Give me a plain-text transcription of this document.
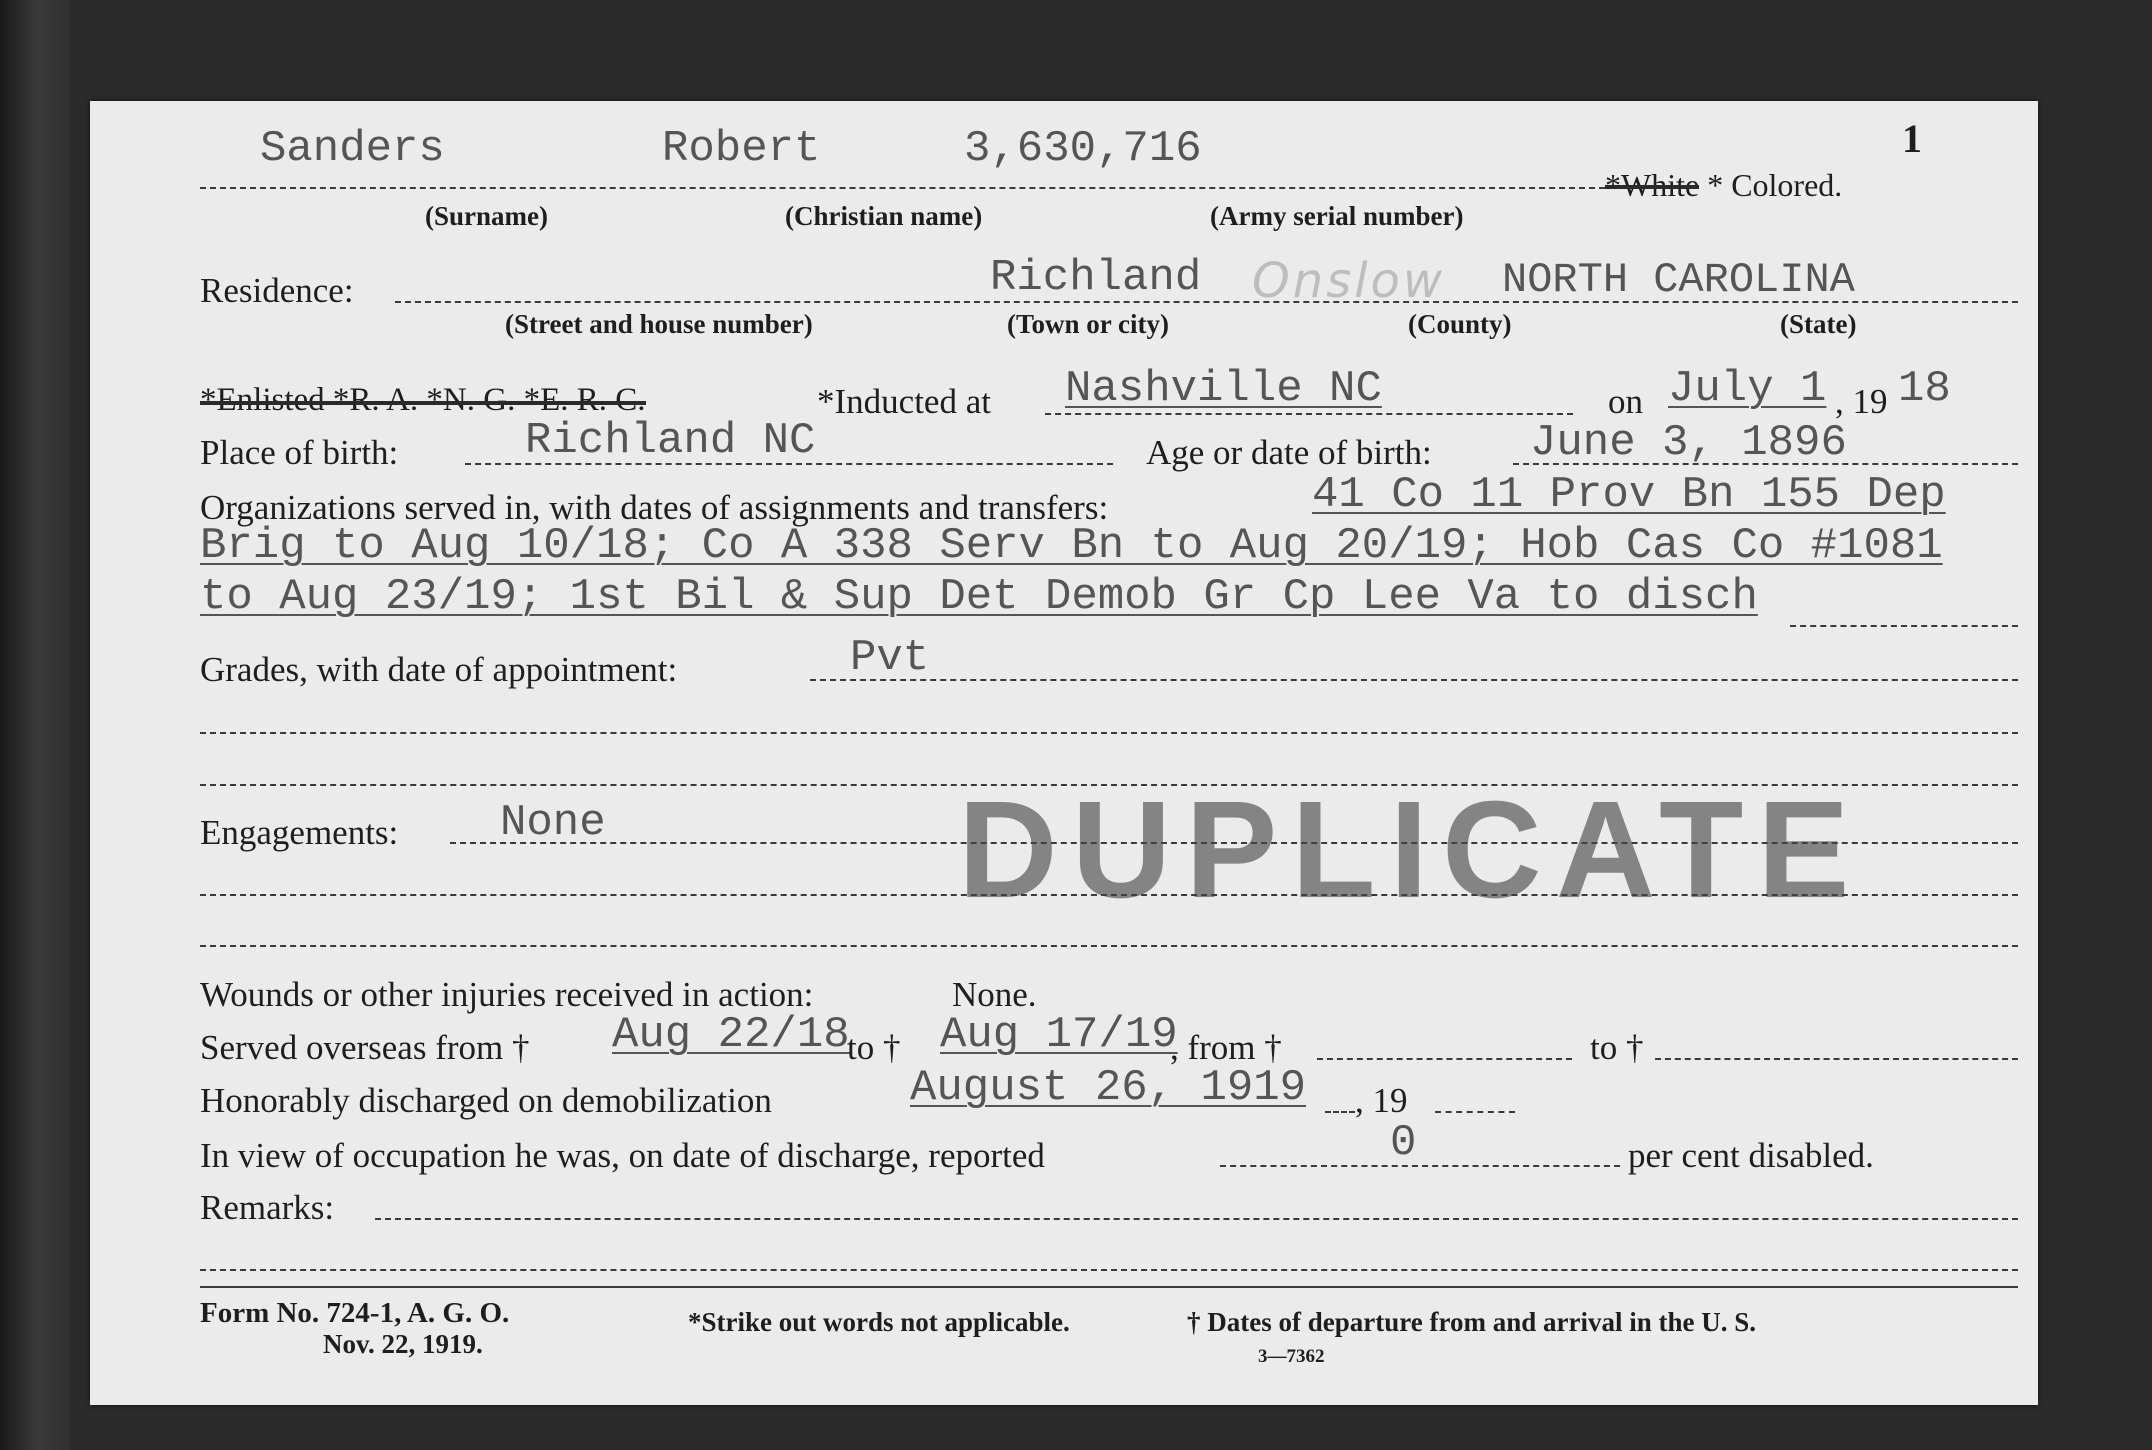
1
Sanders	Robert	3,630,716
*White * Colored.
(Surname)	(Christian name)	(Army serial number)
Residence:	Richland Onslow NORTH CAROLINA
(Street and house number)	(Town or city)	(County)	(State)
*Enlisted *R. A. *N. G. *E. R. C.	*Inducted at Nashville NC	on July 1 , 19 18
Place of birth:	Richland NC	Age or date of birth: June 3, 1896
Organizations served in, with dates of assignments and transfers:	41 Co 11 Prov Bn 155 Dep
Brig to Aug 10/18; Co A 338 Serv Bn to Aug 20/19; Hob Cas Co #1081
to Aug 23/19; 1st Bil & Sup Det Demob Gr Cp Lee Va to disch
Grades, with date of appointment:	Pvt
Engagements: None	DUPLICATE
Wounds or other injuries received in action:	None.
Served overseas from † Aug 22/18
to † Aug 17/19
, from †	to †
Honorably discharged on demobilization	August 26, 1919 , 19
In view of occupation he was, on date of discharge, reported	0	per cent disabled.
Remarks:
Form No. 724-1, A. G. O.
Nov. 22, 1919.
*Strike out words not applicable.	† Dates of departure from and arrival in the U. S.
3—7362
